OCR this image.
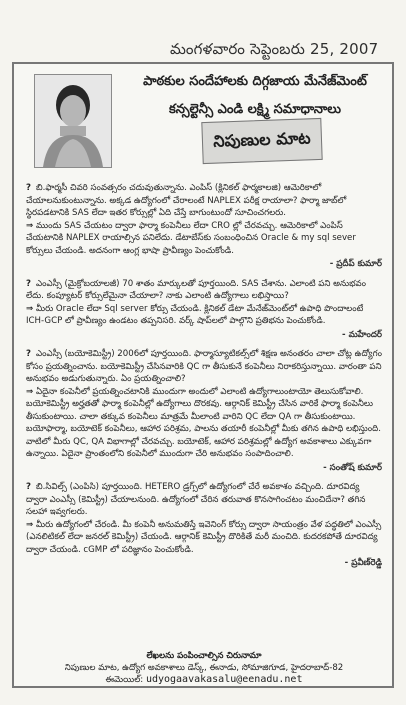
మంగళవారం సెప్టెంబరు 25, 2007
పాఠకుల సందేహాలకు దిగ్గజాయ మేనేజ్‌మెంట్
కన్సల్టెన్సీ ఎండి లక్ష్మి సమాధానాలు
నిపుణుల మాట

? బి.ఫార్మసీ చివరి సంవత్సరం చదువుతున్నాను. ఎంపిస్ (క్లినికల్ ఫార్మకాలజి) ఆమెరికాలో చేయాలనుకుంటున్నాను. అక్కడ ఉద్యోగంలో చేరాలంటే NAPLEX పరీక్ష రాయాలా? ఫార్మా జాబ్‌లో స్థిరపడటానికి SAS లేదా ఇతర కోర్సుల్లో ఏది చేస్తే బాగుంటుందో సూచించగలరు.

⇒ ముందు SAS చేయటం ద్వారా ఫార్మా కంపెనీలు లేదా CRO ల్లో చేరవచ్చు. ఆమెరికాలో ఎంపిస్ చేయటానికి NAPLEX రాయాల్సిన పనిలేదు. డేటాబేస్‌కు సంబంధించిన Oracle & my sql sever కోర్సులు చేయండి. అదనంగా ఆంగ్ల భాషా ప్రావీణ్యం పెంచుకోండి.

- ప్రదీప్ కుమార్

? ఎంఎస్సీ (మైక్రోబయాలజీ) 70 శాతం మార్కులతో పూర్తయింది. SAS చేశాను. ఎలాంటి పని అనుభవం లేదు. కంప్యూటర్ కోర్సులేమైనా చేయాలా? నాకు ఎలాంటి ఉద్యోగాలు లభిస్తాయి?

⇒ మీరు Oracle లేదా Sql server కోర్సు చేయండి. క్లినికల్ డేటా మేనేజ్‌మెంట్‌లో ఉపాధి పొందాలంటే ICH-GCP లో ప్రావీణ్యం ఉండటం తప్పనిసరి. వర్క్ షాప్‌లలో పాల్గొని ప్రతిభను పెంచుకోండి.

- మహేందర్

? ఎంఎస్సీ (బయోకెమిస్ట్రీ) 2006లో పూర్తయింది. ఫార్మాస్యూటికల్స్‌లో శిక్షణ అనంతరం చాలా చోట్ల ఉద్యోగం కోసం ప్రయత్నించాను. బయోకెమిస్ట్రీ చేసినవారికి QC గా తీసుకునే కంపెనీలు నిరాకరిస్తున్నాయి. వారంతా పని అనుభవం అడుగుతున్నారు. ఏం ప్రయత్నించాలి?

⇒ ఏదైనా కంపెనీలో ప్రయత్నించటానికి ముందుగా అందులో ఎలాంటి ఉద్యోగాలుంటాయో తెలుసుకోవాలి. బయోకెమిస్ట్రీ అర్హతతో ఫార్మా కంపెనీల్లో ఉద్యోగాలు దొరకవు. ఆర్గానిక్ కెమిస్ట్రీ చేసిన వారికే ఫార్మా కంపెనీలు తీసుకుంటాయి. చాలా తక్కువ కంపెనీలు మాత్రమే మీలాంటి వారిని QC లేదా QA గా తీసుకుంటాయి. బయోఫార్మా, బయోటెక్ కంపెనీలు, ఆహార పరిశ్రమ, పాలను తయారీ కంపెనీల్లో మీకు తగిన ఉపాధి లభిస్తుంది. వాటిలో మీరు QC, QA విభాగాల్లో చేరవచ్చు. బయోటెక్, ఆహార పరిశ్రమల్లో ఉద్యోగ అవకాశాలు ఎక్కువగా ఉన్నాయి. ఏదైనా ప్రాంతంలోని కంపెనీలో ముందుగా చేరి అనుభవం సంపాదించాలి.

- సంతోష్ కుమార్

? బి.సివిల్స్ (ఎంపిసి) పూర్తయింది. HETERO డ్రగ్స్‌లో ఉద్యోగంలో చేరే అవకాశం వచ్చింది. దూరవిద్య ద్వారా ఎంఎస్సీ (కెమిస్ట్రీ) చేయాలనుంది. ఉద్యోగంలో చేరిన తరువాత కొనసాగించటం మంచిదేనా? తగిన సలహా ఇవ్వగలరు.

⇒ మీరు ఉద్యోగంలో చేరండి. మీ కంపెనీ అనుమతిస్తే ఇవెనింగ్ కోర్సు ద్వారా సాయంత్రం వేళ పద్ధతిలో ఎంఎస్సీ (ఎనలిటికల్ లేదా జనరల్ కెమిస్ట్రీ) చేయండి. ఆర్గానిక్ కెమిస్ట్రీ దొరికితే మరీ మంచిది. కుదరకపోతే దూరవిద్య ద్వారా చేయండి. cGMP లో పరిజ్ఞానం పెంచుకోండి.

- ప్రవీణ్‌రెడ్డి
లేఖలను పంపించాల్సిన చిరునామా
నిపుణుల మాట, ఉద్యోగ అవకాశాలు డెస్క్, ఈనాడు, సోమాజిగూడ, హైదరాబాద్-82
ఈమెయిల్: udyogaavakasalu@eenadu.net
